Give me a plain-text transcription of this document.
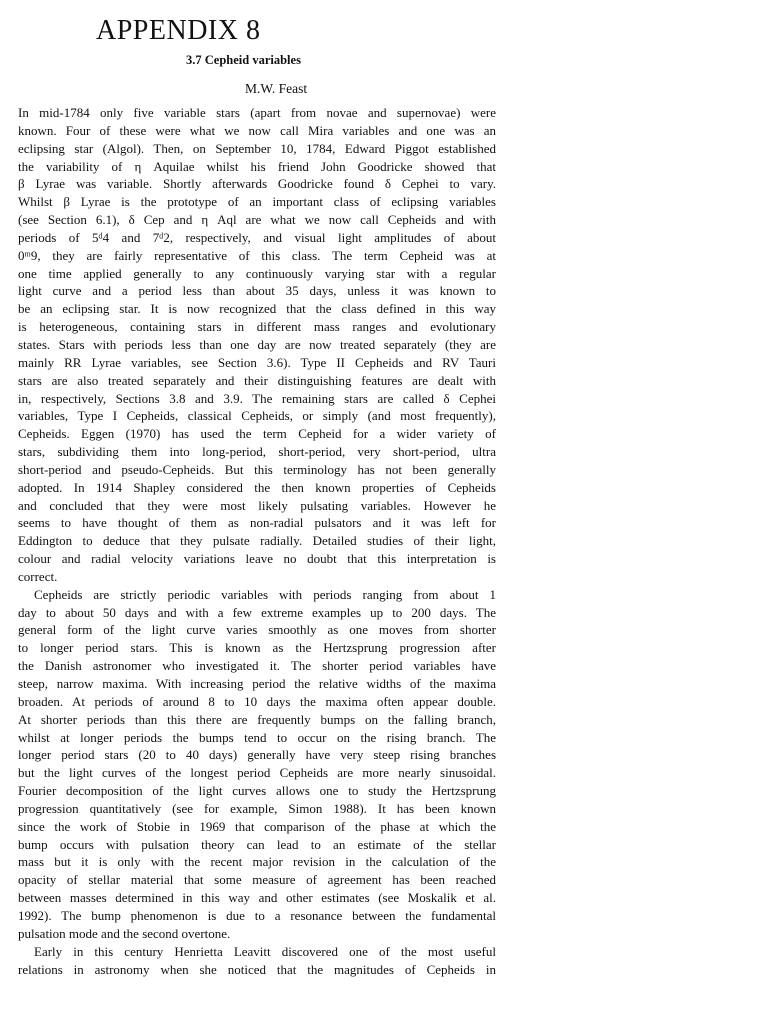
APPENDIX 8
3.7 Cepheid variables
M.W. Feast
In mid-1784 only five variable stars (apart from novae and supernovae) were
known. Four of these were what we now call Mira variables and one was an
eclipsing star (Algol). Then, on September 10, 1784, Edward Piggot established
the variability of η Aquilae whilst his friend John Goodricke showed that
β Lyrae was variable. Shortly afterwards Goodricke found δ Cephei to vary.
Whilst β Lyrae is the prototype of an important class of eclipsing variables
(see Section 6.1), δ Cep and η Aql are what we now call Cepheids and with
periods of 5ᵈ4 and 7ᵈ2, respectively, and visual light amplitudes of about
0ᵐ9, they are fairly representative of this class. The term Cepheid was at
one time applied generally to any continuously varying star with a regular
light curve and a period less than about 35 days, unless it was known to
be an eclipsing star. It is now recognized that the class defined in this way
is heterogeneous, containing stars in different mass ranges and evolutionary
states. Stars with periods less than one day are now treated separately (they are
mainly RR Lyrae variables, see Section 3.6). Type II Cepheids and RV Tauri
stars are also treated separately and their distinguishing features are dealt with
in, respectively, Sections 3.8 and 3.9. The remaining stars are called δ Cephei
variables, Type I Cepheids, classical Cepheids, or simply (and most frequently),
Cepheids. Eggen (1970) has used the term Cepheid for a wider variety of
stars, subdividing them into long-period, short-period, very short-period, ultra
short-period and pseudo-Cepheids. But this terminology has not been generally
adopted. In 1914 Shapley considered the then known properties of Cepheids
and concluded that they were most likely pulsating variables. However he
seems to have thought of them as non-radial pulsators and it was left for
Eddington to deduce that they pulsate radially. Detailed studies of their light,
colour and radial velocity variations leave no doubt that this interpretation is
correct.
Cepheids are strictly periodic variables with periods ranging from about 1
day to about 50 days and with a few extreme examples up to 200 days. The
general form of the light curve varies smoothly as one moves from shorter
to longer period stars. This is known as the Hertzsprung progression after
the Danish astronomer who investigated it. The shorter period variables have
steep, narrow maxima. With increasing period the relative widths of the maxima
broaden. At periods of around 8 to 10 days the maxima often appear double.
At shorter periods than this there are frequently bumps on the falling branch,
whilst at longer periods the bumps tend to occur on the rising branch. The
longer period stars (20 to 40 days) generally have very steep rising branches
but the light curves of the longest period Cepheids are more nearly sinusoidal.
Fourier decomposition of the light curves allows one to study the Hertzsprung
progression quantitatively (see for example, Simon 1988). It has been known
since the work of Stobie in 1969 that comparison of the phase at which the
bump occurs with pulsation theory can lead to an estimate of the stellar
mass but it is only with the recent major revision in the calculation of the
opacity of stellar material that some measure of agreement has been reached
between masses determined in this way and other estimates (see Moskalik et al.
1992). The bump phenomenon is due to a resonance between the fundamental
pulsation mode and the second overtone.
Early in this century Henrietta Leavitt discovered one of the most useful
relations in astronomy when she noticed that the magnitudes of Cepheids in
